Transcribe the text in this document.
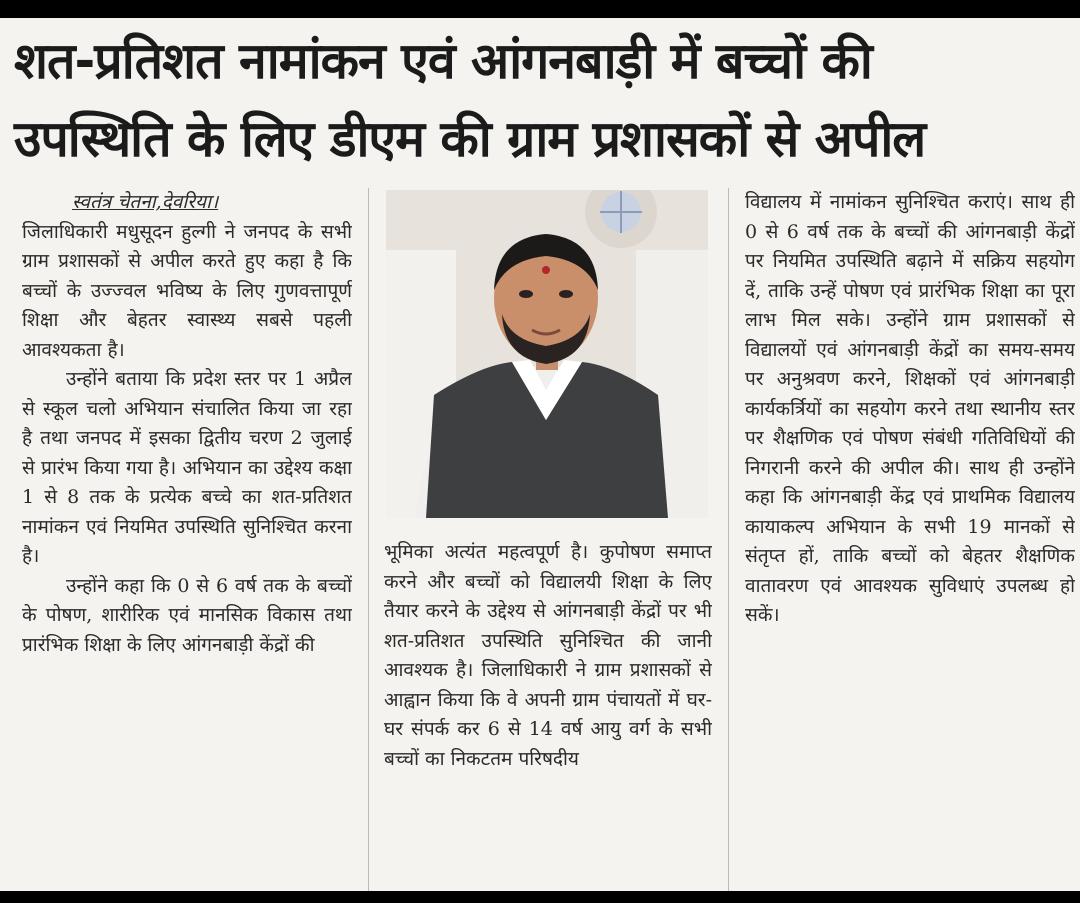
शत-प्रतिशत नामांकन एवं आंगनबाड़ी में बच्चों की
उपस्थिति के लिए डीएम की ग्राम प्रशासकों से अपील

स्वतंत्र चेतना,देवरिया।

जिलाधिकारी मधुसूदन हुल्गी ने जनपद के सभी ग्राम प्रशासकों से अपील करते हुए कहा है कि बच्चों के उज्ज्वल भविष्य के लिए गुणवत्तापूर्ण शिक्षा और बेहतर स्वास्थ्य सबसे पहली आवश्यकता है।

उन्होंने बताया कि प्रदेश स्तर पर 1 अप्रैल से स्कूल चलो अभियान संचालित किया जा रहा है तथा जनपद में इसका द्वितीय चरण 2 जुलाई से प्रारंभ किया गया है। अभियान का उद्देश्य कक्षा 1 से 8 तक के प्रत्येक बच्चे का शत-प्रतिशत नामांकन एवं नियमित उपस्थिति सुनिश्चित करना है।

उन्होंने कहा कि 0 से 6 वर्ष तक के बच्चों के पोषण, शारीरिक एवं मानसिक विकास तथा प्रारंभिक शिक्षा के लिए आंगनबाड़ी केंद्रों की

भूमिका अत्यंत महत्वपूर्ण है। कुपोषण समाप्त करने और बच्चों को विद्यालयी शिक्षा के लिए तैयार करने के उद्देश्य से आंगनबाड़ी केंद्रों पर भी शत-प्रतिशत उपस्थिति सुनिश्चित की जानी आवश्यक है। जिलाधिकारी ने ग्राम प्रशासकों से आह्वान किया कि वे अपनी ग्राम पंचायतों में घर-घर संपर्क कर 6 से 14 वर्ष आयु वर्ग के सभी बच्चों का निकटतम परिषदीय

विद्यालय में नामांकन सुनिश्चित कराएं। साथ ही 0 से 6 वर्ष तक के बच्चों की आंगनबाड़ी केंद्रों पर नियमित उपस्थिति बढ़ाने में सक्रिय सहयोग दें, ताकि उन्हें पोषण एवं प्रारंभिक शिक्षा का पूरा लाभ मिल सके। उन्होंने ग्राम प्रशासकों से विद्यालयों एवं आंगनबाड़ी केंद्रों का समय-समय पर अनुश्रवण करने, शिक्षकों एवं आंगनबाड़ी कार्यकर्त्रियों का सहयोग करने तथा स्थानीय स्तर पर शैक्षणिक एवं पोषण संबंधी गतिविधियों की निगरानी करने की अपील की। साथ ही उन्होंने कहा कि आंगनबाड़ी केंद्र एवं प्राथमिक विद्यालय कायाकल्प अभियान के सभी 19 मानकों से संतृप्त हों, ताकि बच्चों को बेहतर शैक्षणिक वातावरण एवं आवश्यक सुविधाएं उपलब्ध हो सकें।
